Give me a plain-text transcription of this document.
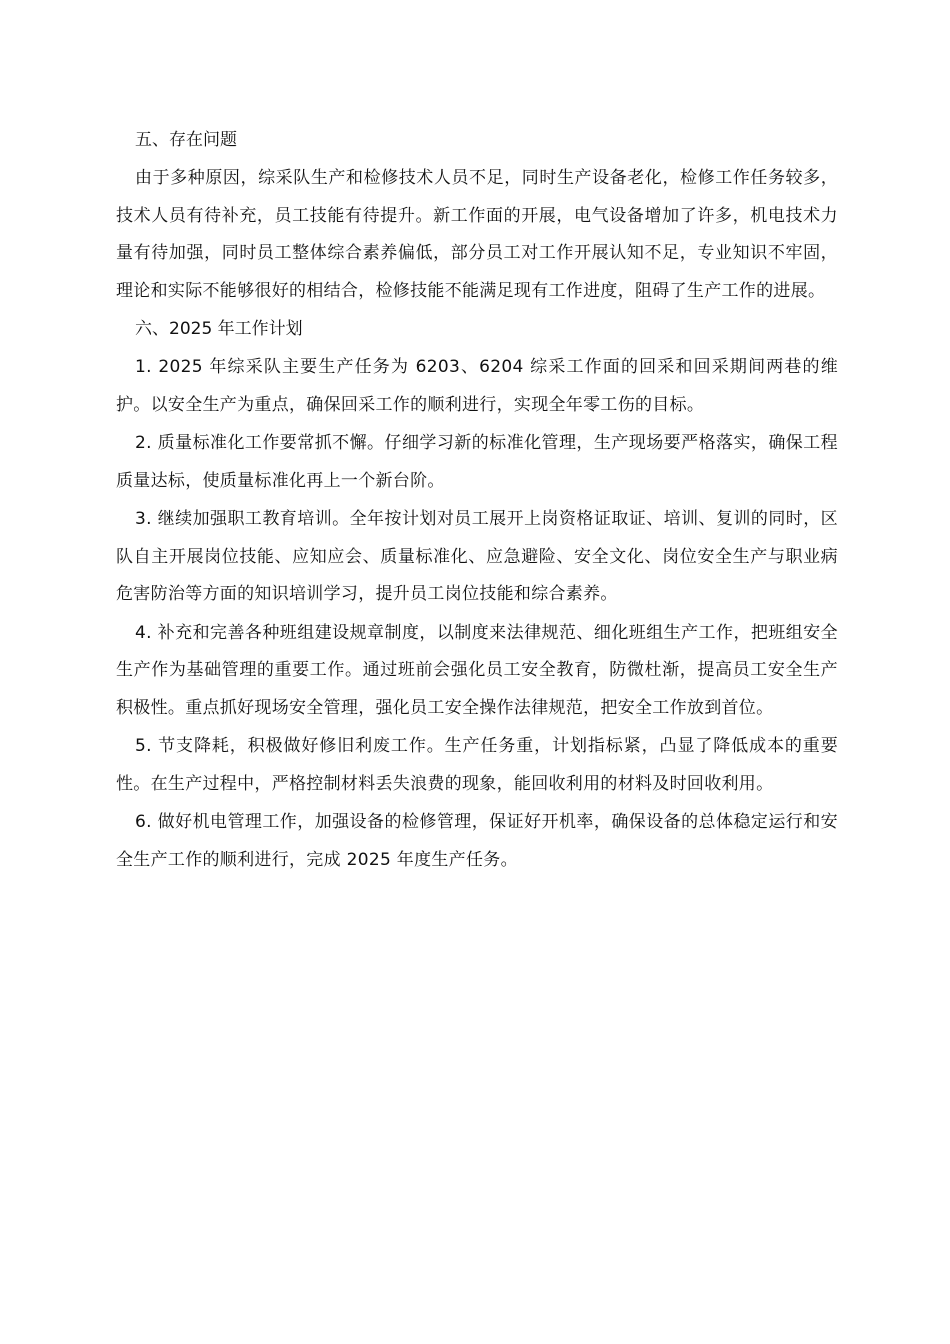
五、存在问题

由于多种原因，综采队生产和检修技术人员不足，同时生产设备老化，检修工作任务较多，技术人员有待补充，员工技能有待提升。新工作面的开展，电气设备增加了许多，机电技术力量有待加强，同时员工整体综合素养偏低，部分员工对工作开展认知不足，专业知识不牢固，理论和实际不能够很好的相结合，检修技能不能满足现有工作进度，阻碍了生产工作的进展。

六、2025 年工作计划

1. 2025 年综采队主要生产任务为 6203、6204 综采工作面的回采和回采期间两巷的维护。以安全生产为重点，确保回采工作的顺利进行，实现全年零工伤的目标。

2. 质量标准化工作要常抓不懈。仔细学习新的标准化管理，生产现场要严格落实，确保工程质量达标，使质量标准化再上一个新台阶。

3. 继续加强职工教育培训。全年按计划对员工展开上岗资格证取证、培训、复训的同时，区队自主开展岗位技能、应知应会、质量标准化、应急避险、安全文化、岗位安全生产与职业病危害防治等方面的知识培训学习，提升员工岗位技能和综合素养。

4. 补充和完善各种班组建设规章制度，以制度来法律规范、细化班组生产工作，把班组安全生产作为基础管理的重要工作。通过班前会强化员工安全教育，防微杜渐，提高员工安全生产积极性。重点抓好现场安全管理，强化员工安全操作法律规范，把安全工作放到首位。

5. 节支降耗，积极做好修旧利废工作。生产任务重，计划指标紧，凸显了降低成本的重要性。在生产过程中，严格控制材料丢失浪费的现象，能回收利用的材料及时回收利用。

6. 做好机电管理工作，加强设备的检修管理，保证好开机率，确保设备的总体稳定运行和安全生产工作的顺利进行，完成 2025 年度生产任务。
